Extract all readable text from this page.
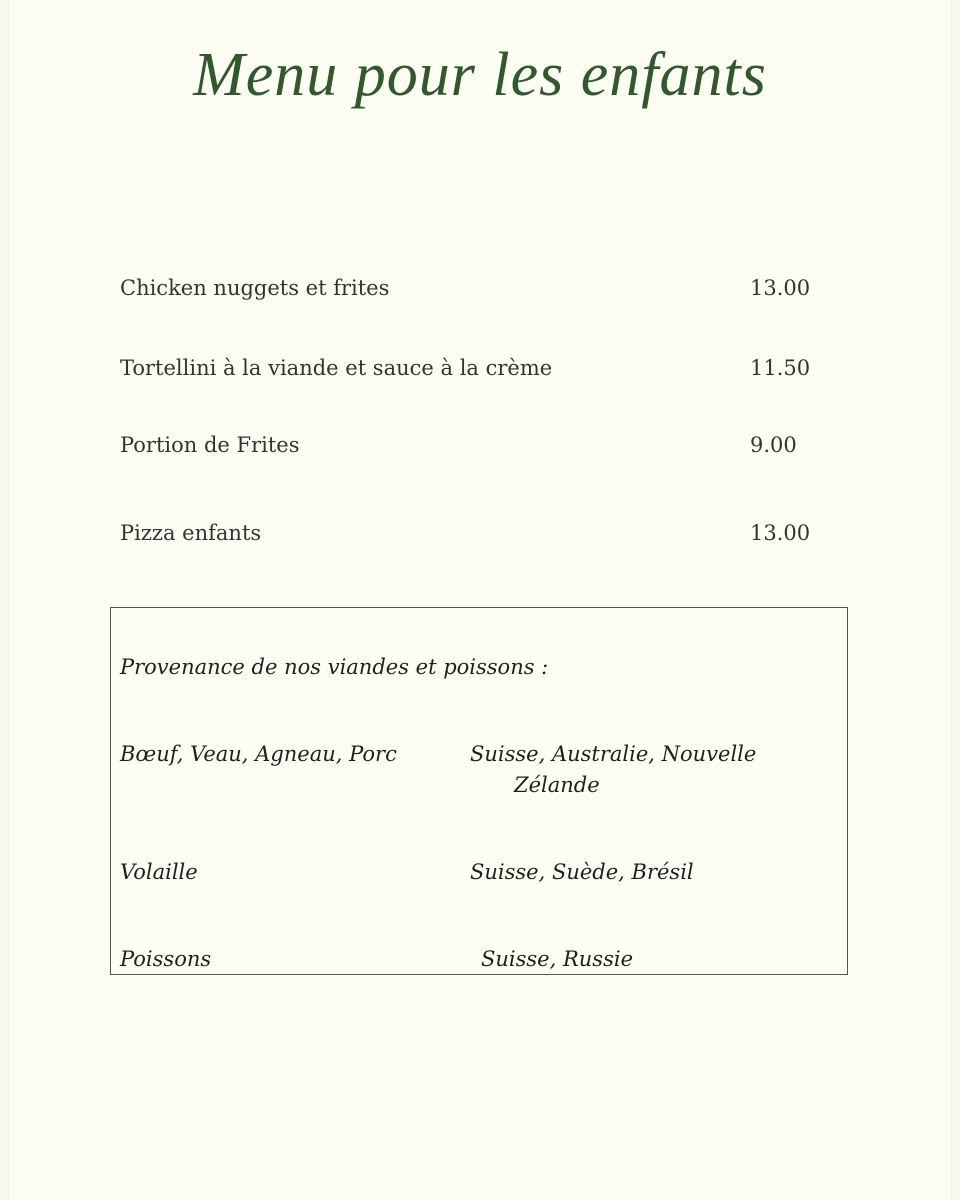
Menu pour les enfants
Chicken nuggets et frites	13.00
Tortellini à la viande et sauce à la crème	11.50
Portion de Frites	9.00
Pizza enfants	13.00
Provenance de nos viandes et poissons :
Bœuf, Veau, Agneau, Porc	Suisse, Australie, Nouvelle
Zélande
Volaille	Suisse, Suède, Brésil
Poissons	Suisse, Russie
